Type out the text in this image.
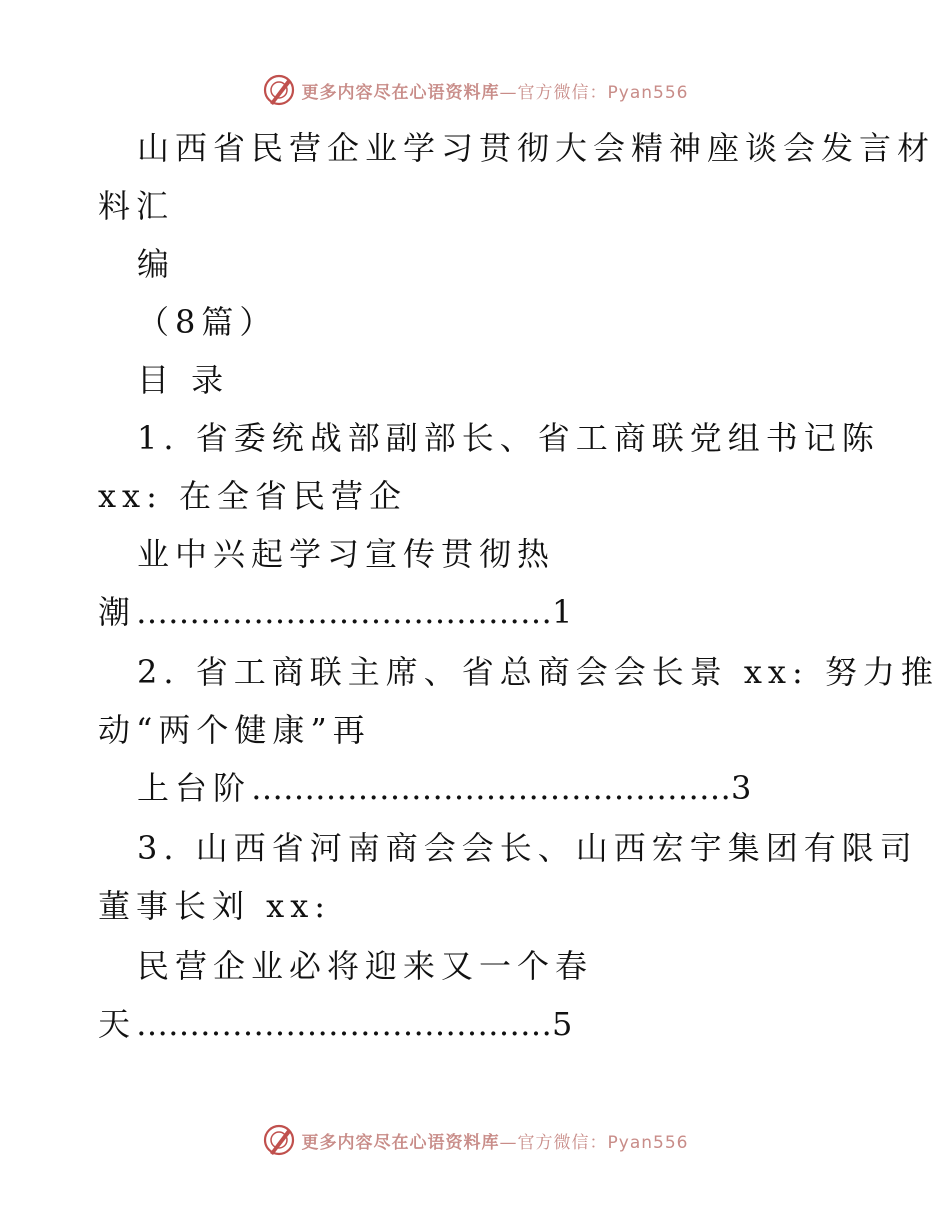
更多内容尽在心语资料库—官方微信：Pyan556
山西省民营企业学习贯彻大会精神座谈会发言材
料汇
编
（8篇）
目 录
1. 省委统战部副部长、省工商联党组书记陈
xx: 在全省民营企
业中兴起学习宣传贯彻热
潮…………………………………1
2. 省工商联主席、省总商会会长景 xx: 努力推
动“两个健康”再
上台阶………………………………………3
3. 山西省河南商会会长、山西宏宇集团有限司
董事长刘 xx:
民营企业必将迎来又一个春
天…………………………………5
更多内容尽在心语资料库—官方微信：Pyan556
